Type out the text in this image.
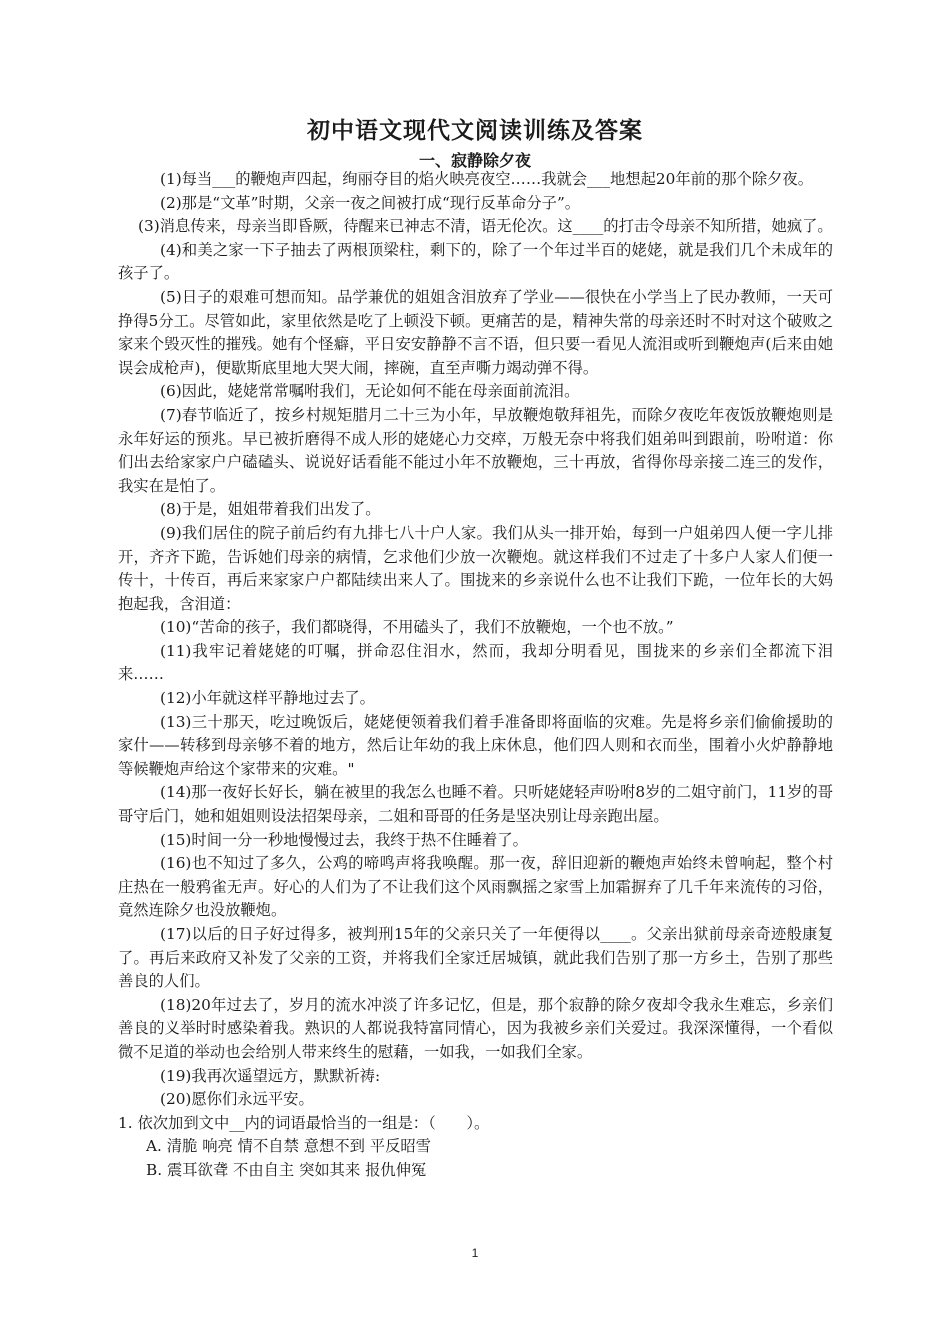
初中语文现代文阅读训练及答案
一、寂静除夕夜

(1)每当___的鞭炮声四起，绚丽夺目的焰火映亮夜空……我就会___地想起20年前的那个除夕夜。

(2)那是“文革”时期，父亲一夜之间被打成“现行反革命分子”。

(3)消息传来，母亲当即昏厥，待醒来已神志不清，语无伦次。这____的打击令母亲不知所措，她疯了。

(4)和美之家一下子抽去了两根顶梁柱，剩下的，除了一个年过半百的姥姥，就是我们几个未成年的孩子了。

(5)日子的艰难可想而知。品学兼优的姐姐含泪放弃了学业——很快在小学当上了民办教师，一天可挣得5分工。尽管如此，家里依然是吃了上顿没下顿。更痛苦的是，精神失常的母亲还时不时对这个破败之家来个毁灭性的摧残。她有个怪癖，平日安安静静不言不语，但只要一看见人流泪或听到鞭炮声(后来由她误会成枪声)，便歇斯底里地大哭大闹，摔碗，直至声嘶力竭动弹不得。

(6)因此，姥姥常常嘱咐我们，无论如何不能在母亲面前流泪。

(7)春节临近了，按乡村规矩腊月二十三为小年，早放鞭炮敬拜祖先，而除夕夜吃年夜饭放鞭炮则是永年好运的预兆。早已被折磨得不成人形的姥姥心力交瘁，万般无奈中将我们姐弟叫到跟前，吩咐道：你们出去给家家户户磕磕头、说说好话看能不能过小年不放鞭炮，三十再放，省得你母亲接二连三的发作，我实在是怕了。

(8)于是，姐姐带着我们出发了。

(9)我们居住的院子前后约有九排七八十户人家。我们从头一排开始，每到一户姐弟四人便一字儿排开，齐齐下跪，告诉她们母亲的病情，乞求他们少放一次鞭炮。就这样我们不过走了十多户人家人们便一传十，十传百，再后来家家户户都陆续出来人了。围拢来的乡亲说什么也不让我们下跪，一位年长的大妈抱起我，含泪道：

(10)“苦命的孩子，我们都晓得，不用磕头了，我们不放鞭炮，一个也不放。”

(11)我牢记着姥姥的叮嘱，拼命忍住泪水，然而，我却分明看见，围拢来的乡亲们全都流下泪来……

(12)小年就这样平静地过去了。

(13)三十那天，吃过晚饭后，姥姥便领着我们着手准备即将面临的灾难。先是将乡亲们偷偷援助的家什——转移到母亲够不着的地方，然后让年幼的我上床休息，他们四人则和衣而坐，围着小火炉静静地等候鞭炮声给这个家带来的灾难。"

(14)那一夜好长好长，躺在被里的我怎么也睡不着。只听姥姥轻声吩咐8岁的二姐守前门，11岁的哥哥守后门，她和姐姐则设法招架母亲，二姐和哥哥的任务是坚决别让母亲跑出屋。

(15)时间一分一秒地慢慢过去，我终于热不住睡着了。

(16)也不知过了多久，公鸡的啼鸣声将我唤醒。那一夜，辞旧迎新的鞭炮声始终未曾响起，整个村庄热在一般鸦雀无声。好心的人们为了不让我们这个风雨飘摇之家雪上加霜摒弃了几千年来流传的习俗，竟然连除夕也没放鞭炮。

(17)以后的日子好过得多，被判刑15年的父亲只关了一年便得以____。父亲出狱前母亲奇迹般康复了。再后来政府又补发了父亲的工资，并将我们全家迁居城镇，就此我们告别了那一方乡土，告别了那些善良的人们。

(18)20年过去了，岁月的流水冲淡了许多记忆，但是，那个寂静的除夕夜却令我永生难忘，乡亲们善良的义举时时感染着我。熟识的人都说我特富同情心，因为我被乡亲们关爱过。我深深懂得，一个看似微不足道的举动也会给别人带来终生的慰藉，一如我，一如我们全家。

(19)我再次遥望远方，默默祈祷:

(20)愿你们永远平安。

1. 依次加到文中__内的词语最恰当的一组是：（　　）。

A. 清脆 响亮 情不自禁 意想不到 平反昭雪

B. 震耳欲聋 不由自主 突如其来 报仇伸冤

1
